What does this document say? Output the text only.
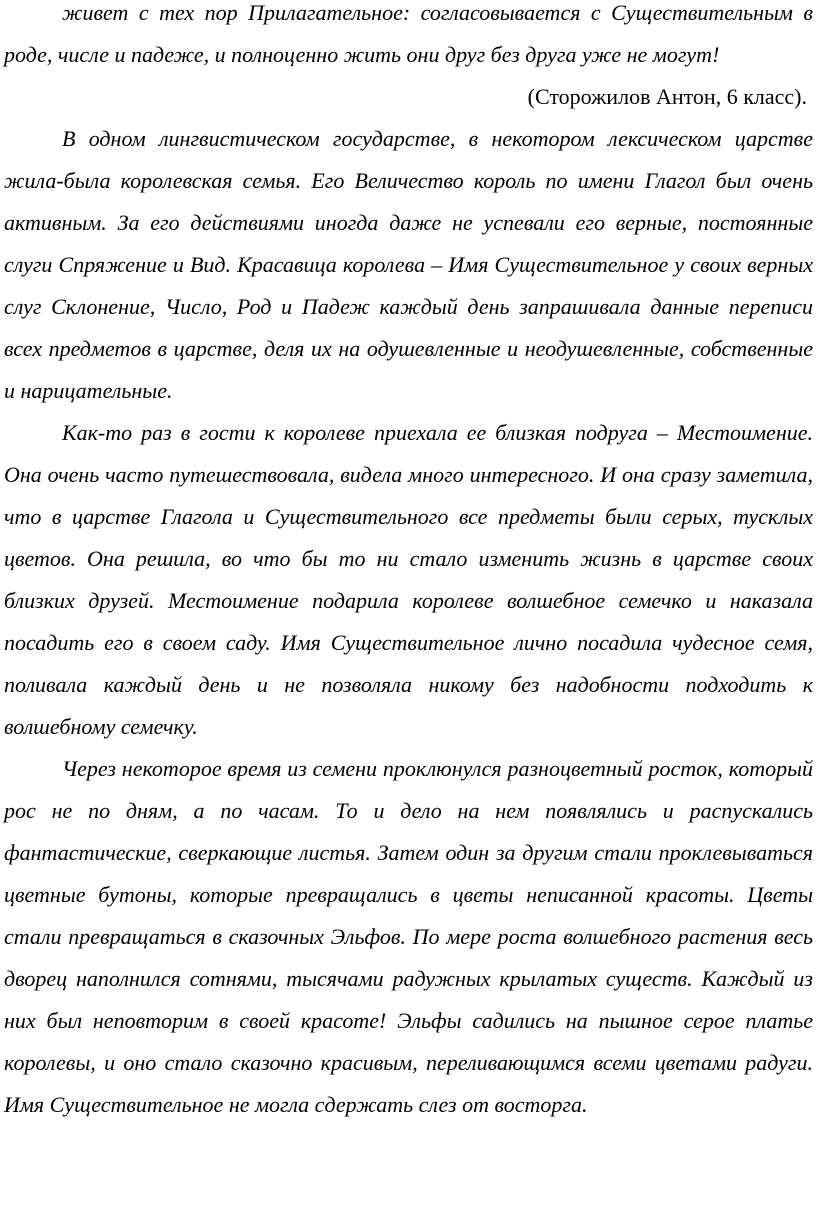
живет с тех пор Прилагательное: согласовывается с Существительным в роде, числе и падеже, и полноценно жить они друг без друга уже не могут!

(Сторожилов Антон, 6 класс).

В одном лингвистическом государстве, в некотором лексическом царстве жила-была королевская семья. Его Величество король по имени Глагол был очень активным. За его действиями иногда даже не успевали его верные, постоянные слуги Спряжение и Вид. Красавица королева – Имя Существительное у своих верных слуг Склонение, Число, Род и Падеж каждый день запрашивала данные переписи всех предметов в царстве, деля их на одушевленные и неодушевленные, собственные и нарицательные.

Как-то раз в гости к королеве приехала ее близкая подруга – Местоимение. Она очень часто путешествовала, видела много интересного. И она сразу заметила, что в царстве Глагола и Существительного все предметы были серых, тусклых цветов. Она решила, во что бы то ни стало изменить жизнь в царстве своих близких друзей. Местоимение подарила королеве волшебное семечко и наказала посадить его в своем саду. Имя Существительное лично посадила чудесное семя, поливала каждый день и не позволяла никому без надобности подходить к волшебному семечку.

Через некоторое время из семени проклюнулся разноцветный росток, который рос не по дням, а по часам. То и дело на нем появлялись и распускались фантастические, сверкающие листья. Затем один за другим стали проклевываться цветные бутоны, которые превращались в цветы неписанной красоты. Цветы стали превращаться в сказочных Эльфов. По мере роста волшебного растения весь дворец наполнился сотнями, тысячами радужных крылатых существ. Каждый из них был неповторим в своей красоте! Эльфы садились на пышное серое платье королевы, и оно стало сказочно красивым, переливающимся всеми цветами радуги. Имя Существительное не могла сдержать слез от восторга.
